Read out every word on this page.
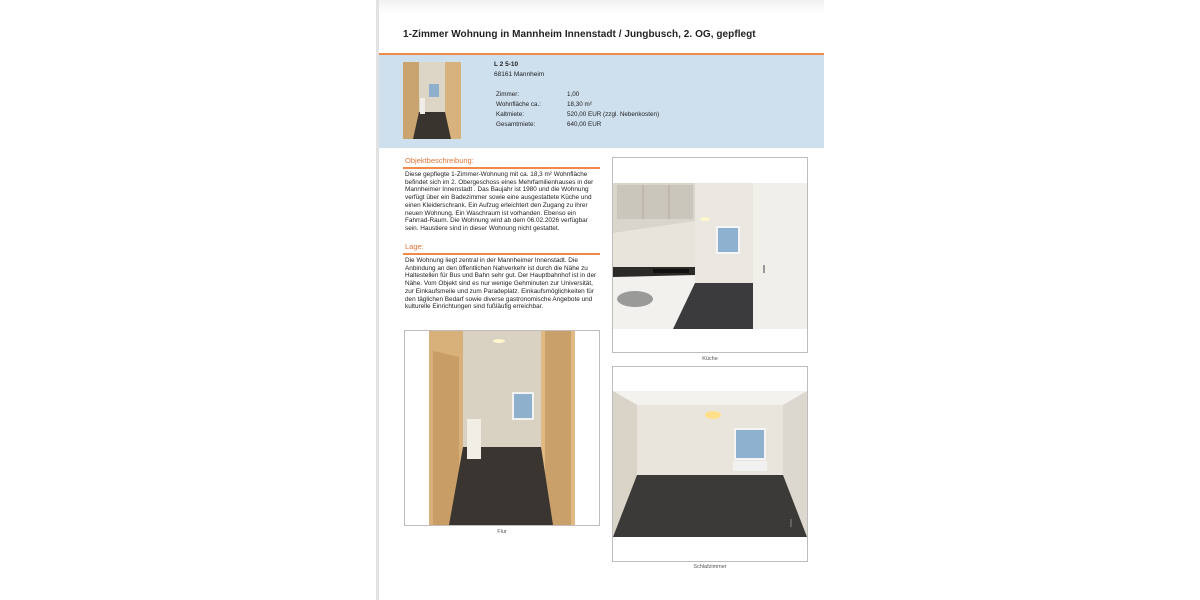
1-Zimmer Wohnung in Mannheim Innenstadt / Jungbusch, 2. OG, gepflegt
L 2 5-10
68161 Mannheim
Zimmer:	1,00
Wohnfläche ca.:	18,30 m²
Kaltmiete:	520,00 EUR (zzgl. Nebenkosten)
Gesamtmiete:	640,00 EUR
Objektbeschreibung:
Diese gepflegte 1-Zimmer-Wohnung mit ca. 18,3 m² Wohnfläche befindet sich im 2. Obergeschoss eines Mehrfamilienhauses in der Mannheimer Innenstadt . Das Baujahr ist 1980 und die Wohnung verfügt über ein Badezimmer sowie eine ausgestattete Küche und einen Kleiderschrank. Ein Aufzug erleichtert den Zugang zu ihrer neuen Wohnung. Ein Waschraum ist vorhanden. Ebenso ein Fahrrad-Raum. Die Wohnung wird ab dem 06.02.2026 verfügbar sein. Haustiere sind in dieser Wohnung nicht gestattet.
Lage:
Die Wohnung liegt zentral in der Mannheimer Innenstadt. Die Anbindung an den öffentlichen Nahverkehr ist durch die Nähe zu Haltestellen für Bus und Bahn sehr gut. Der Hauptbahnhof ist in der Nähe. Vom Objekt sind es nur wenige Gehminuten zur Universität, zur Einkaufsmeile und zum Paradeplatz. Einkaufsmöglichkeiten für den täglichen Bedarf sowie diverse gastronomische Angebote und kulturelle Einrichtungen sind fußläufig erreichbar.
Küche
Flur
Schlafzimmer
